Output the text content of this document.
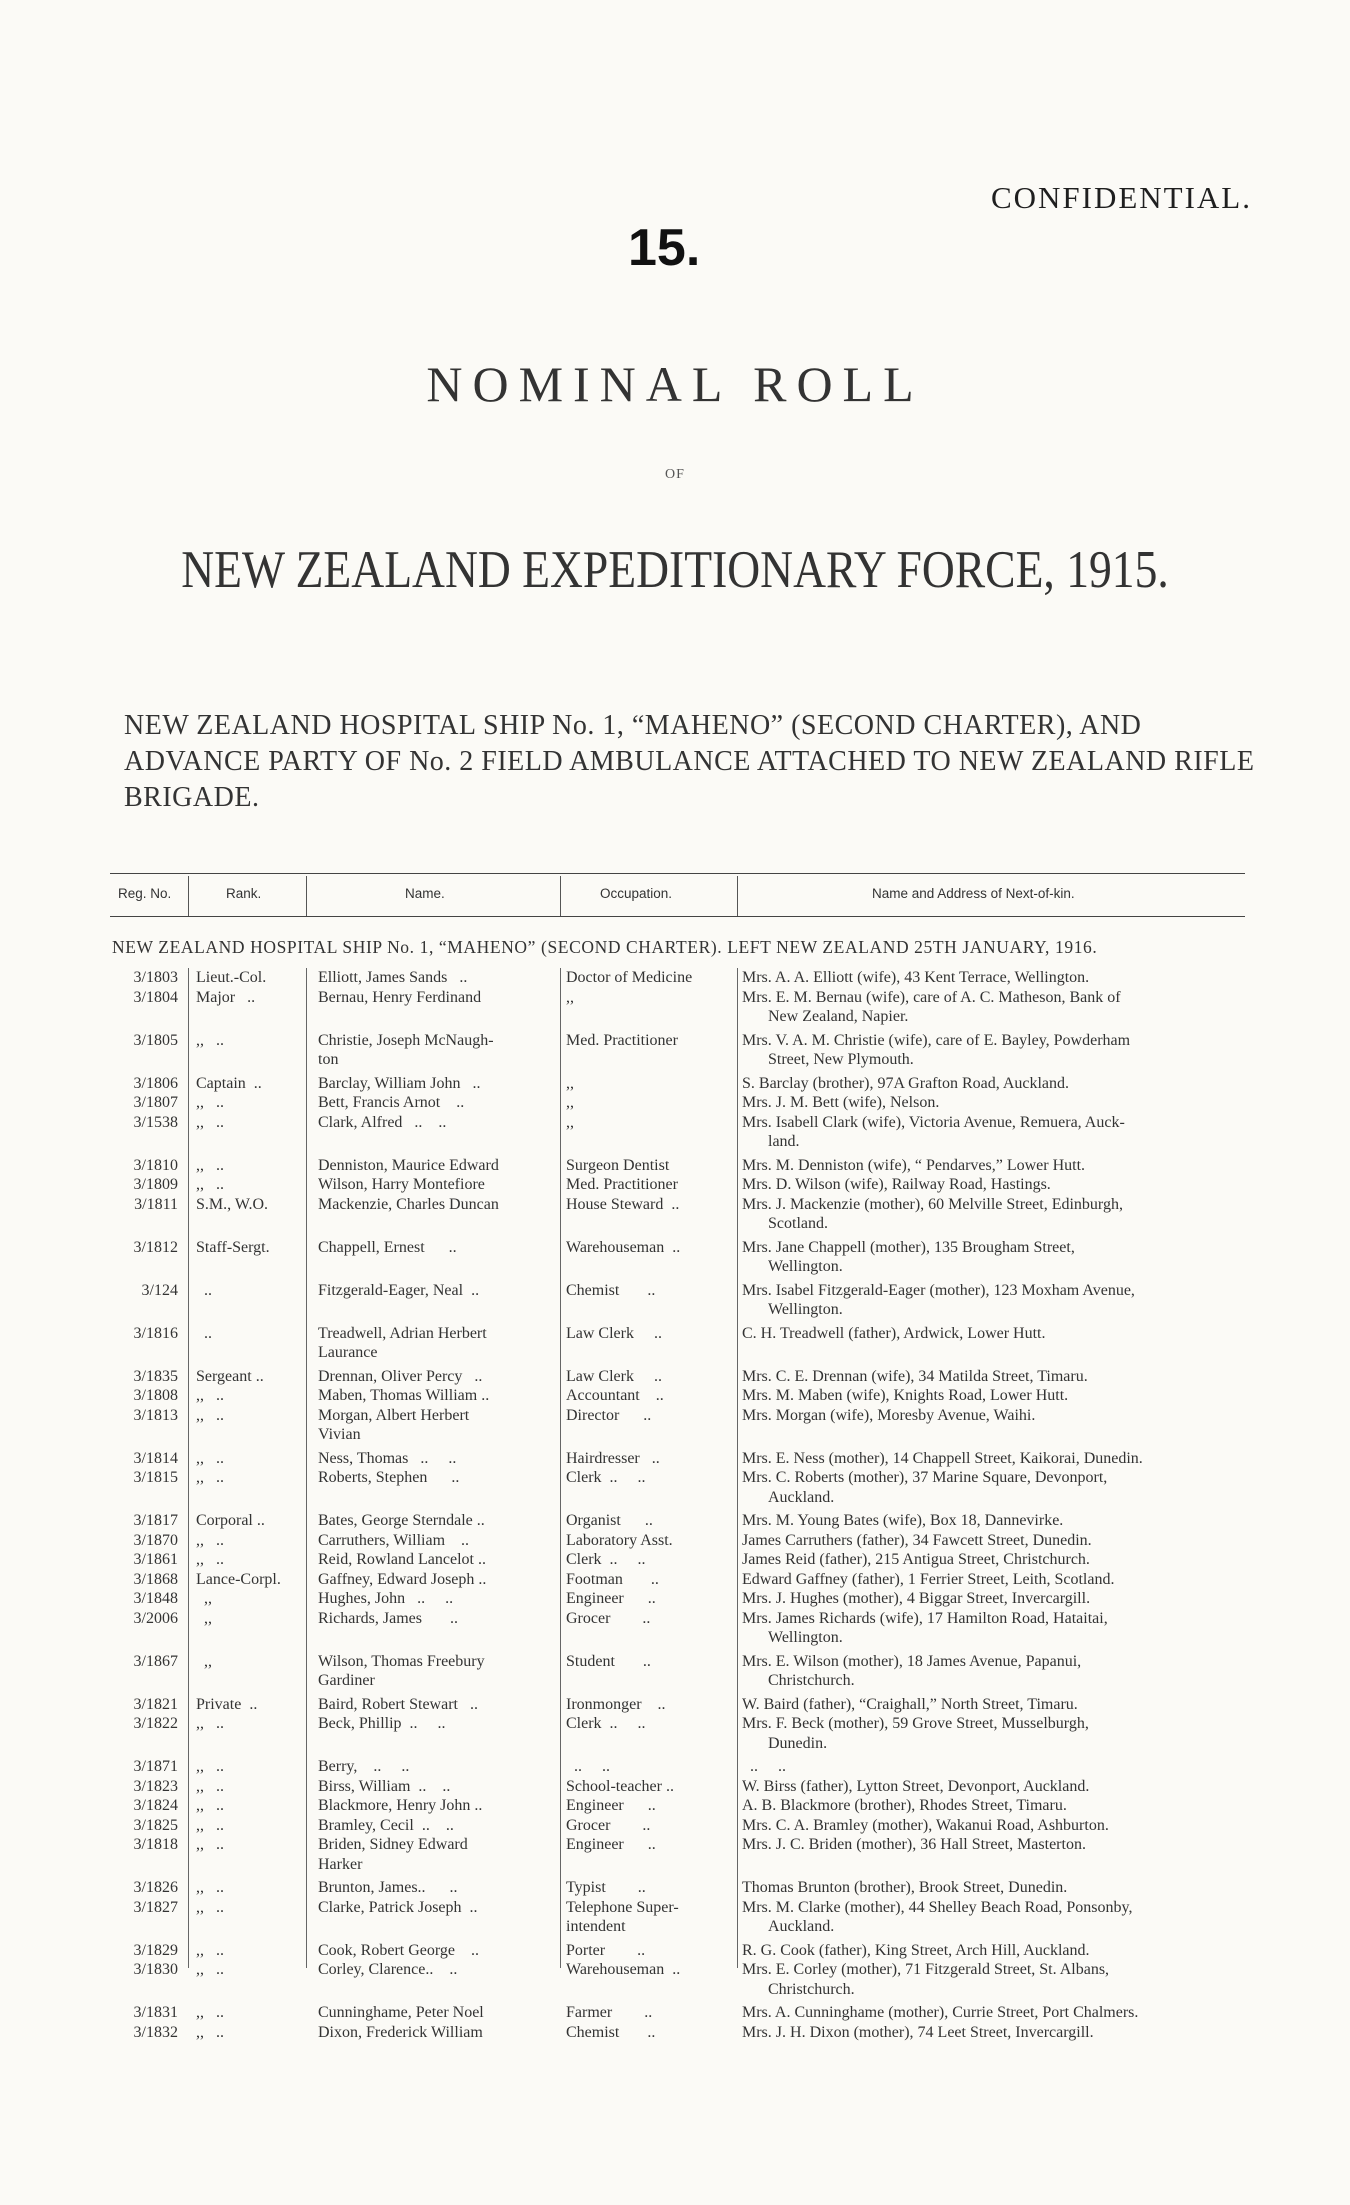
15.
CONFIDENTIAL.
NOMINAL ROLL
OF
NEW ZEALAND EXPEDITIONARY FORCE, 1915.
NEW ZEALAND HOSPITAL SHIP No. 1, “MAHENO” (SECOND CHARTER), AND ADVANCE PARTY OF No. 2 FIELD AMBULANCE ATTACHED TO NEW ZEALAND RIFLE BRIGADE.
Reg. No.	Rank.	Name.	Occupation.	Name and Address of Next-of-kin.
NEW ZEALAND HOSPITAL SHIP No. 1, “MAHENO” (SECOND CHARTER). LEFT NEW ZEALAND 25TH JANUARY, 1916.
3/1803 Lieut.-Col.	Elliott, James Sands   ..	Doctor of Medicine	Mrs. A. A. Elliott (wife), 43 Kent Terrace, Wellington.
3/1804 Major   ..	Bernau, Henry Ferdinand	,,	Mrs. E. M. Bernau (wife), care of A. C. Matheson, Bank of
New Zealand, Napier.
3/1805 ,,   ..	Christie, Joseph McNaugh-	Med. Practitioner	Mrs. V. A. M. Christie (wife), care of E. Bayley, Powderham
ton	Street, New Plymouth.
3/1806 Captain  ..	Barclay, William John   ..	,,	S. Barclay (brother), 97A Grafton Road, Auckland.
3/1807 ,,   ..	Bett, Francis Arnot    ..	,,	Mrs. J. M. Bett (wife), Nelson.
3/1538 ,,   ..	Clark, Alfred   ..    ..	,,	Mrs. Isabell Clark (wife), Victoria Avenue, Remuera, Auck-
land.
3/1810 ,,   ..	Denniston, Maurice Edward	Surgeon Dentist	Mrs. M. Denniston (wife), “ Pendarves,” Lower Hutt.
3/1809 ,,   ..	Wilson, Harry Montefiore	Med. Practitioner	Mrs. D. Wilson (wife), Railway Road, Hastings.
3/1811 S.M., W.O.	Mackenzie, Charles Duncan	House Steward  ..	Mrs. J. Mackenzie (mother), 60 Melville Street, Edinburgh,
Scotland.
3/1812 Staff-Sergt.	Chappell, Ernest      ..	Warehouseman  ..	Mrs. Jane Chappell (mother), 135 Brougham Street,
Wellington.
3/124 ..	Fitzgerald-Eager, Neal  ..	Chemist       ..	Mrs. Isabel Fitzgerald-Eager (mother), 123 Moxham Avenue,
Wellington.
3/1816 ..	Treadwell, Adrian Herbert	Law Clerk     ..	C. H. Treadwell (father), Ardwick, Lower Hutt.
Laurance
3/1835 Sergeant ..	Drennan, Oliver Percy   ..	Law Clerk     ..	Mrs. C. E. Drennan (wife), 34 Matilda Street, Timaru.
3/1808 ,,   ..	Maben, Thomas William ..	Accountant    ..	Mrs. M. Maben (wife), Knights Road, Lower Hutt.
3/1813 ,,   ..	Morgan, Albert Herbert	Director      ..	Mrs. Morgan (wife), Moresby Avenue, Waihi.
Vivian
3/1814 ,,   ..	Ness, Thomas   ..     ..	Hairdresser   ..	Mrs. E. Ness (mother), 14 Chappell Street, Kaikorai, Dunedin.
3/1815 ,,   ..	Roberts, Stephen      ..	Clerk  ..     ..	Mrs. C. Roberts (mother), 37 Marine Square, Devonport,
Auckland.
3/1817 Corporal ..	Bates, George Sterndale ..	Organist      ..	Mrs. M. Young Bates (wife), Box 18, Dannevirke.
3/1870 ,,   ..	Carruthers, William    ..	Laboratory Asst.	James Carruthers (father), 34 Fawcett Street, Dunedin.
3/1861 ,,   ..	Reid, Rowland Lancelot ..	Clerk  ..     ..	James Reid (father), 215 Antigua Street, Christchurch.
3/1868 Lance-Corpl.	Gaffney, Edward Joseph ..	Footman       ..	Edward Gaffney (father), 1 Ferrier Street, Leith, Scotland.
3/1848 ,,	Hughes, John   ..     ..	Engineer      ..	Mrs. J. Hughes (mother), 4 Biggar Street, Invercargill.
3/2006 ,,	Richards, James       ..	Grocer        ..	Mrs. James Richards (wife), 17 Hamilton Road, Hataitai,
Wellington.
3/1867 ,,	Wilson, Thomas Freebury	Student       ..	Mrs. E. Wilson (mother), 18 James Avenue, Papanui,
Gardiner	Christchurch.
3/1821 Private  ..	Baird, Robert Stewart   ..	Ironmonger    ..	W. Baird (father), “Craighall,” North Street, Timaru.
3/1822 ,,   ..	Beck, Phillip  ..     ..	Clerk  ..     ..	Mrs. F. Beck (mother), 59 Grove Street, Musselburgh,
Dunedin.
3/1871 ,,   ..	Berry,    ..     ..	..     ..	..     ..
3/1823 ,,   ..	Birss, William  ..    ..	School-teacher ..	W. Birss (father), Lytton Street, Devonport, Auckland.
3/1824 ,,   ..	Blackmore, Henry John ..	Engineer      ..	A. B. Blackmore (brother), Rhodes Street, Timaru.
3/1825 ,,   ..	Bramley, Cecil  ..    ..	Grocer        ..	Mrs. C. A. Bramley (mother), Wakanui Road, Ashburton.
3/1818 ,,   ..	Briden, Sidney Edward	Engineer      ..	Mrs. J. C. Briden (mother), 36 Hall Street, Masterton.
Harker
3/1826 ,,   ..	Brunton, James..      ..	Typist        ..	Thomas Brunton (brother), Brook Street, Dunedin.
3/1827 ,,   ..	Clarke, Patrick Joseph  ..	Telephone Super-	Mrs. M. Clarke (mother), 44 Shelley Beach Road, Ponsonby,
intendent	Auckland.
3/1829 ,,   ..	Cook, Robert George    ..	Porter        ..	R. G. Cook (father), King Street, Arch Hill, Auckland.
3/1830 ,,   ..	Corley, Clarence..    ..	Warehouseman  ..	Mrs. E. Corley (mother), 71 Fitzgerald Street, St. Albans,
Christchurch.
3/1831 ,,   ..	Cunninghame, Peter Noel	Farmer        ..	Mrs. A. Cunninghame (mother), Currie Street, Port Chalmers.
3/1832 ,,   ..	Dixon, Frederick William	Chemist       ..	Mrs. J. H. Dixon (mother), 74 Leet Street, Invercargill.
